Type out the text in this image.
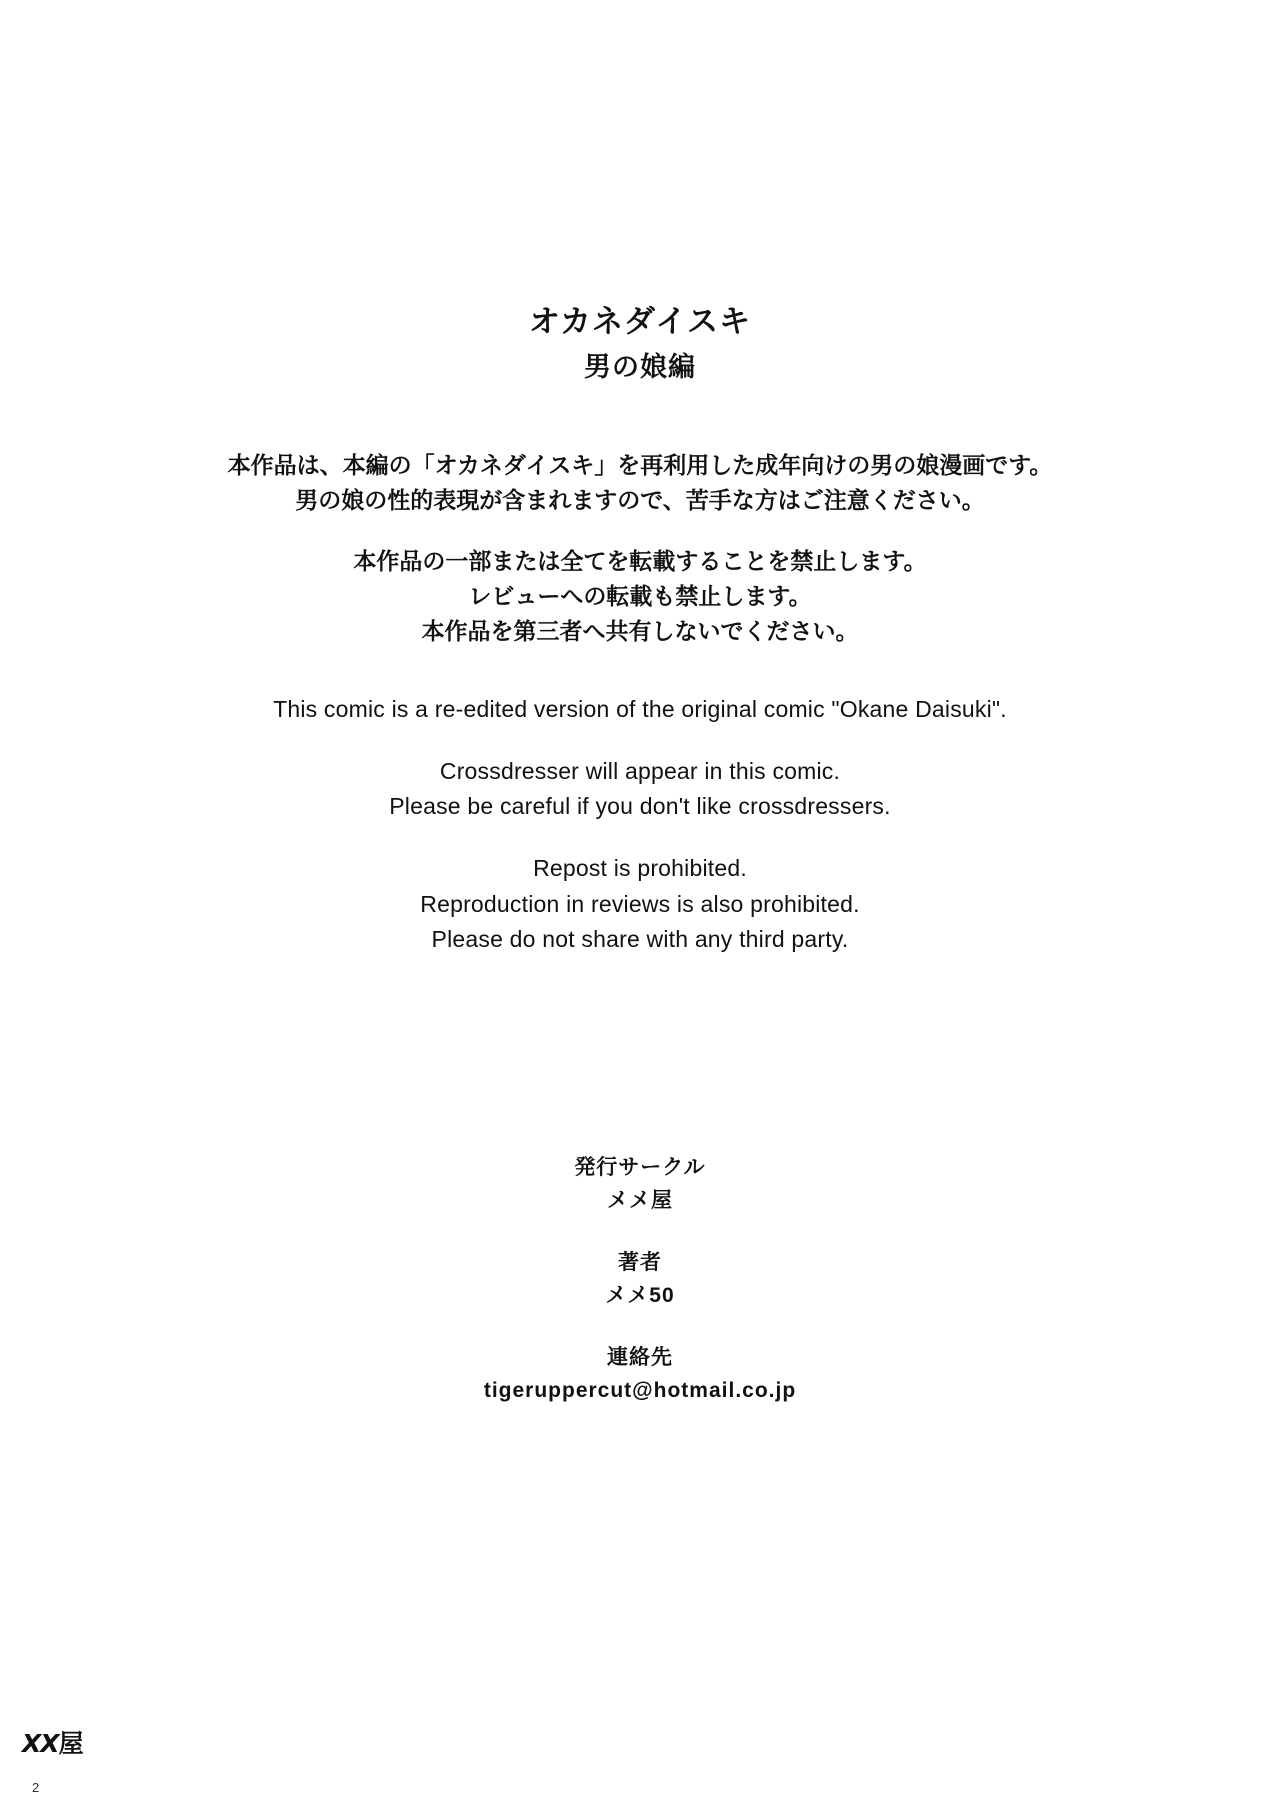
オカネダイスキ
男の娘編
本作品は、本編の「オカネダイスキ」を再利用した成年向けの男の娘漫画です。
男の娘の性的表現が含まれますので、苦手な方はご注意ください。
本作品の一部または全てを転載することを禁止します。
レビューへの転載も禁止します。
本作品を第三者へ共有しないでください。
This comic is a re-edited version of the original comic "Okane Daisuki".
Crossdresser will appear in this comic.
Please be careful if you don't like crossdressers.
Repost is prohibited.
Reproduction in reviews is also prohibited.
Please do not share with any third party.
発行サークル
メメ屋
著者
メメ50
連絡先
tigeruppercut@hotmail.co.jp
XX屋
2
